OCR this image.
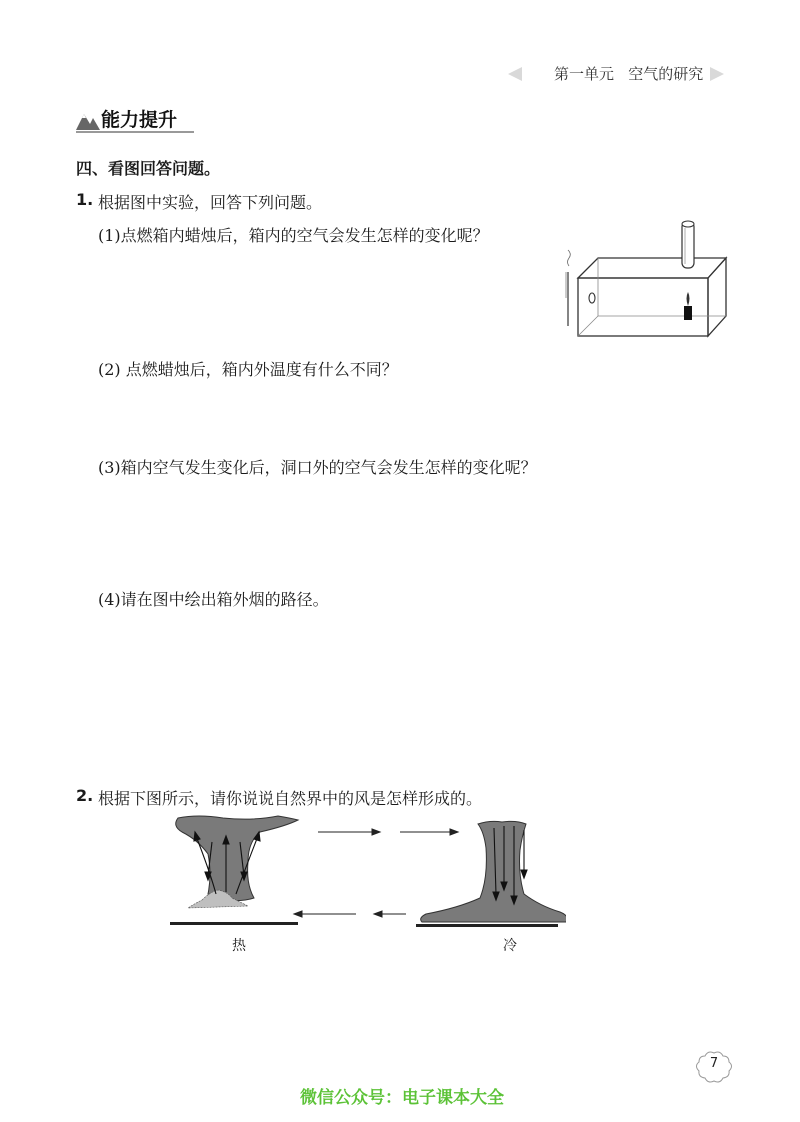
第一单元   空气的研究
能力提升
四、看图回答问题。
1. 根据图中实验，回答下列问题。
(1)点燃箱内蜡烛后，箱内的空气会发生怎样的变化呢？
(2) 点燃蜡烛后，箱内外温度有什么不同？
(3)箱内空气发生变化后，洞口外的空气会发生怎样的变化呢？
(4)请在图中绘出箱外烟的路径。
2. 根据下图所示，请你说说自然界中的风是怎样形成的。
热	冷
7
微信公众号：电子课本大全
